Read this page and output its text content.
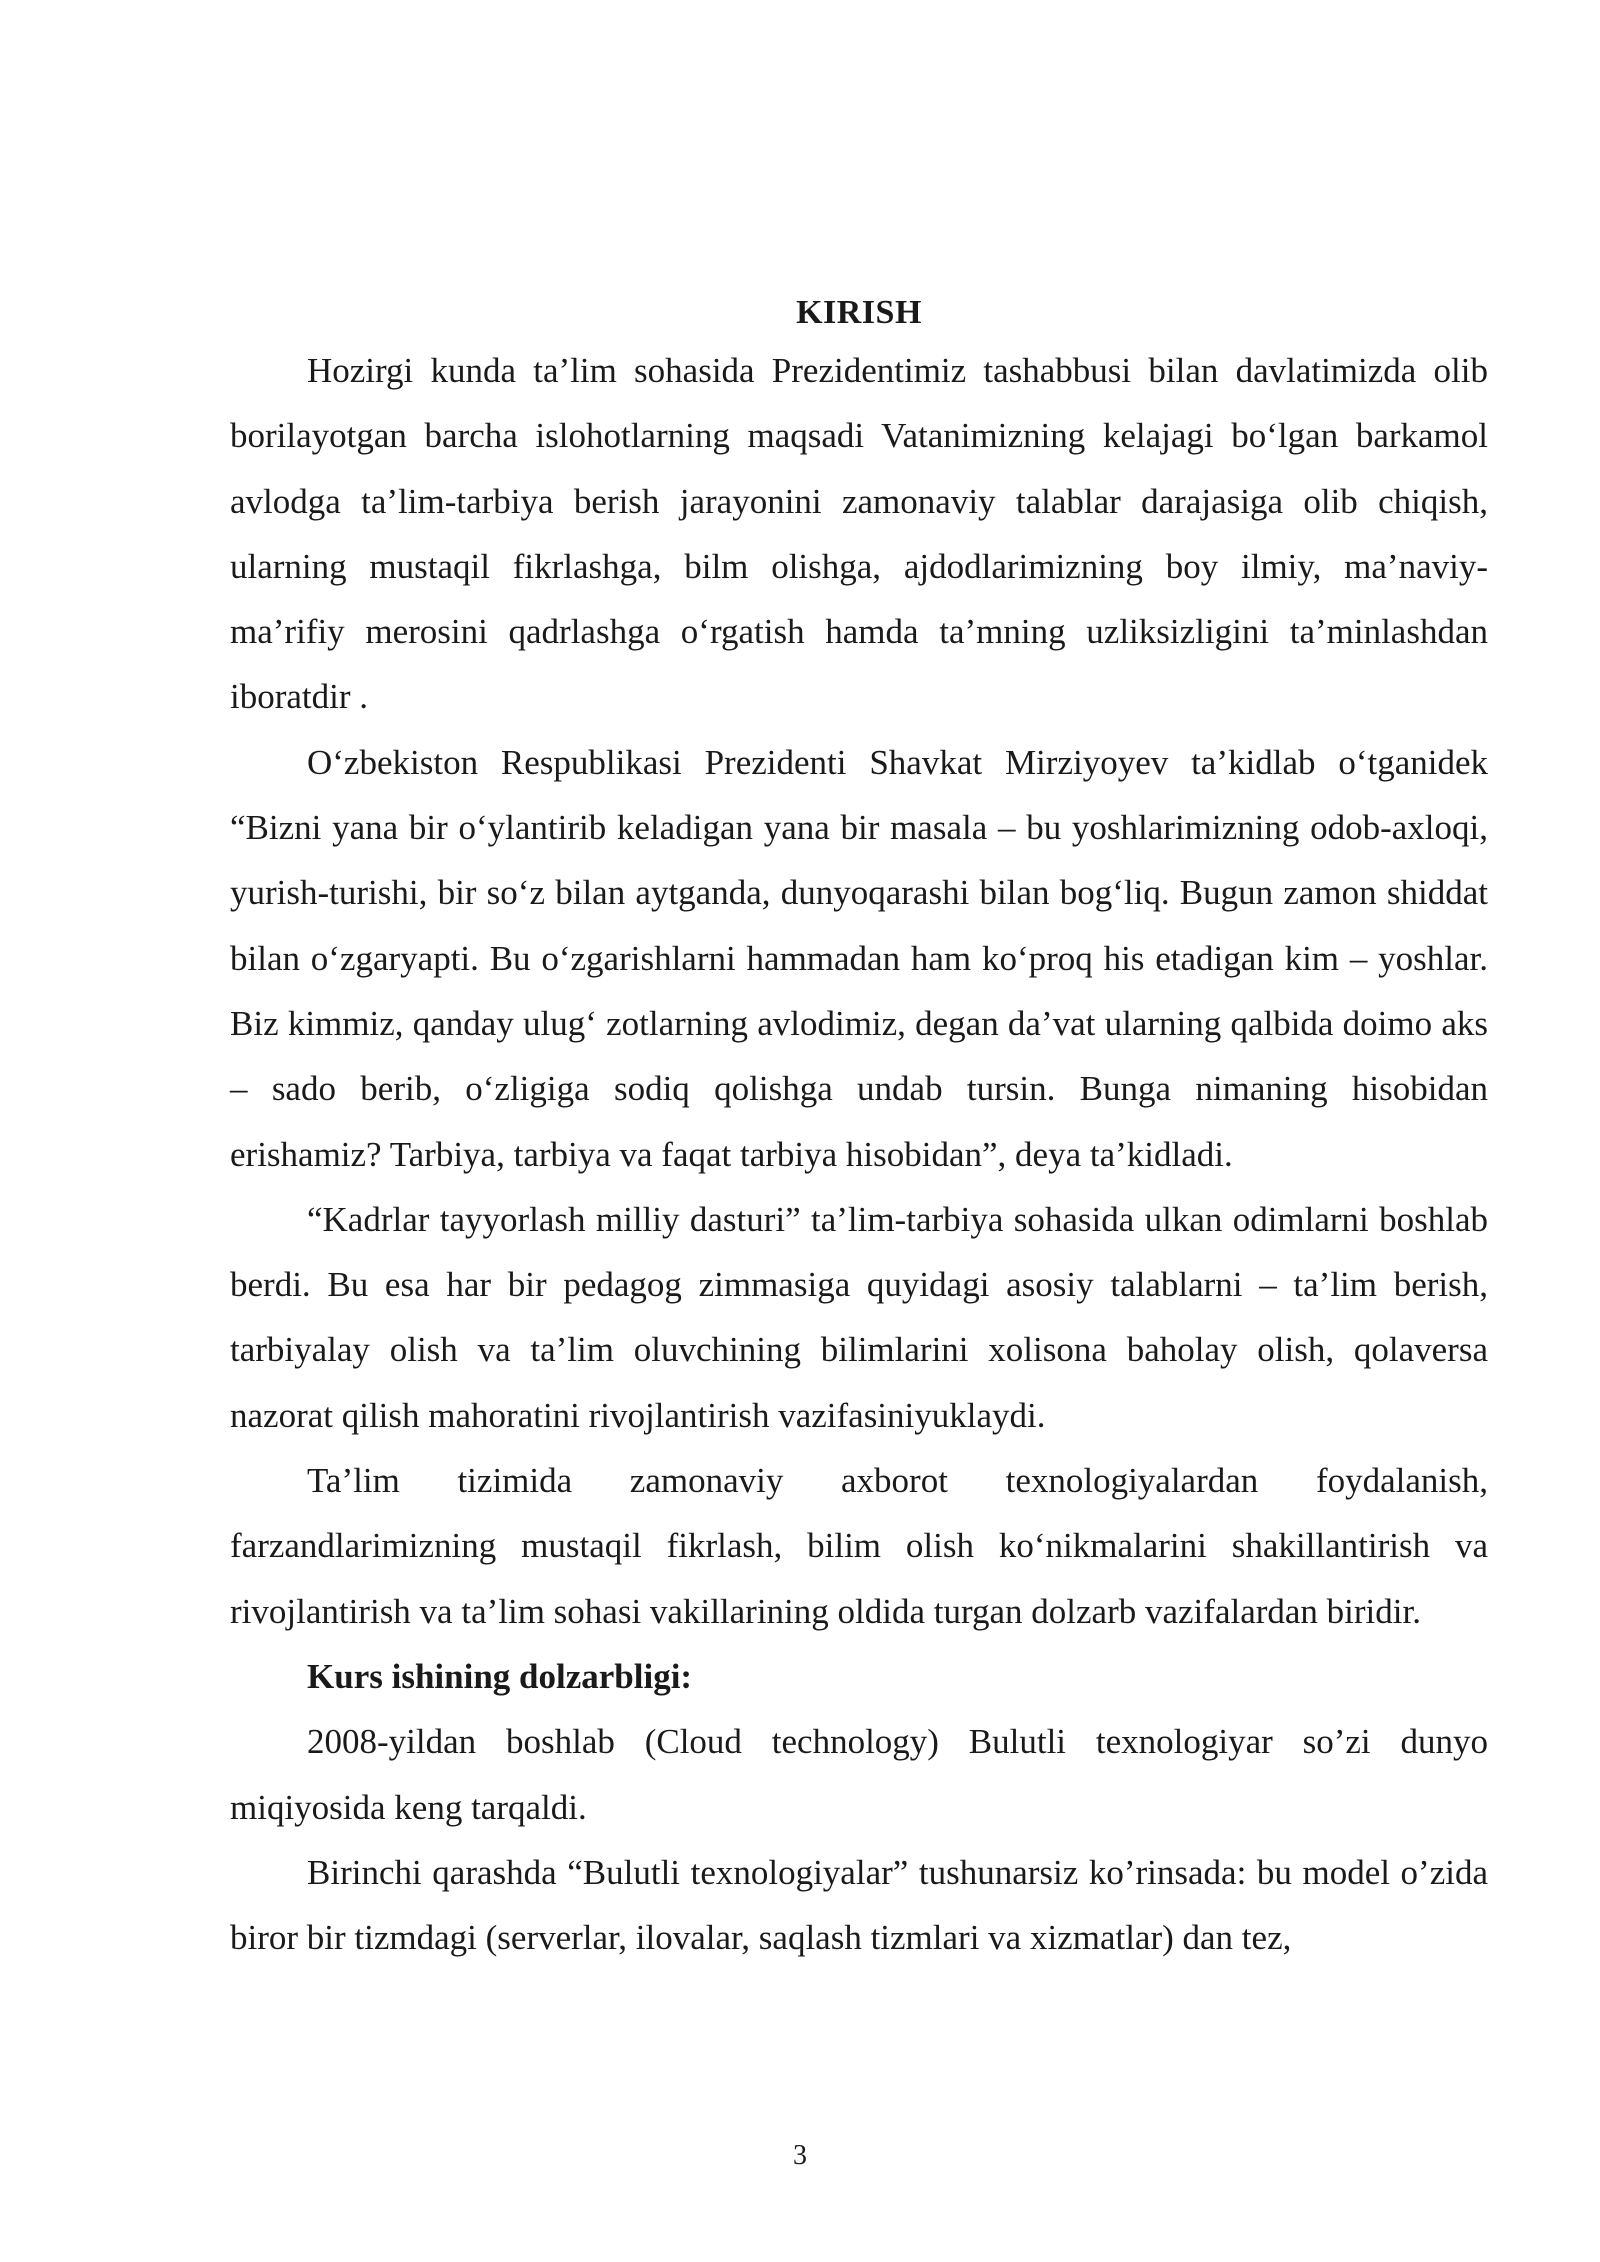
KIRISH

Hozirgi kunda ta’lim sohasida Prezidentimiz tashabbusi bilan davlatimizda olib borilayotgan barcha islohotlarning maqsadi Vatanimizning kelajagi bo‘lgan barkamol avlodga ta’lim-tarbiya berish jarayonini zamonaviy talablar darajasiga olib chiqish, ularning mustaqil fikrlashga, bilm olishga, ajdodlarimizning boy ilmiy, ma’naviy-ma’rifiy merosini qadrlashga o‘rgatish hamda ta’mning uzliksizligini ta’minlashdan iboratdir .

O‘zbekiston Respublikasi Prezidenti Shavkat Mirziyoyev ta’kidlab o‘tganidek “Bizni yana bir o‘ylantirib keladigan yana bir masala – bu yoshlarimizning odob-axloqi, yurish-turishi, bir so‘z bilan aytganda, dunyoqarashi bilan bog‘liq. Bugun zamon shiddat bilan o‘zgaryapti. Bu o‘zgarishlarni hammadan ham ko‘proq his etadigan kim – yoshlar. Biz kimmiz, qanday ulug‘ zotlarning avlodimiz, degan da’vat ularning qalbida doimo aks – sado berib, o‘zligiga sodiq qolishga undab tursin. Bunga nimaning hisobidan erishamiz? Tarbiya, tarbiya va faqat tarbiya hisobidan”, deya ta’kidladi.

“Kadrlar tayyorlash milliy dasturi” ta’lim-tarbiya sohasida ulkan odimlarni boshlab berdi. Bu esa har bir pedagog zimmasiga quyidagi asosiy talablarni – ta’lim berish, tarbiyalay olish va ta’lim oluvchining bilimlarini xolisona baholay olish, qolaversa nazorat qilish mahoratini rivojlantirish vazifasiniyuklaydi.

Ta’lim tizimida zamonaviy axborot texnologiyalardan foydalanish, farzandlarimizning mustaqil fikrlash, bilim olish ko‘nikmalarini shakillantirish va rivojlantirish va ta’lim sohasi vakillarining oldida turgan dolzarb vazifalardan biridir.

Kurs ishining dolzarbligi:

2008-yildan boshlab (Cloud technology) Bulutli texnologiyar so’zi dunyo miqiyosida keng tarqaldi.

Birinchi qarashda “Bulutli texnologiyalar” tushunarsiz ko’rinsada: bu model o’zida biror bir tizmdagi (serverlar, ilovalar, saqlash tizmlari va xizmatlar) dan tez,

3
